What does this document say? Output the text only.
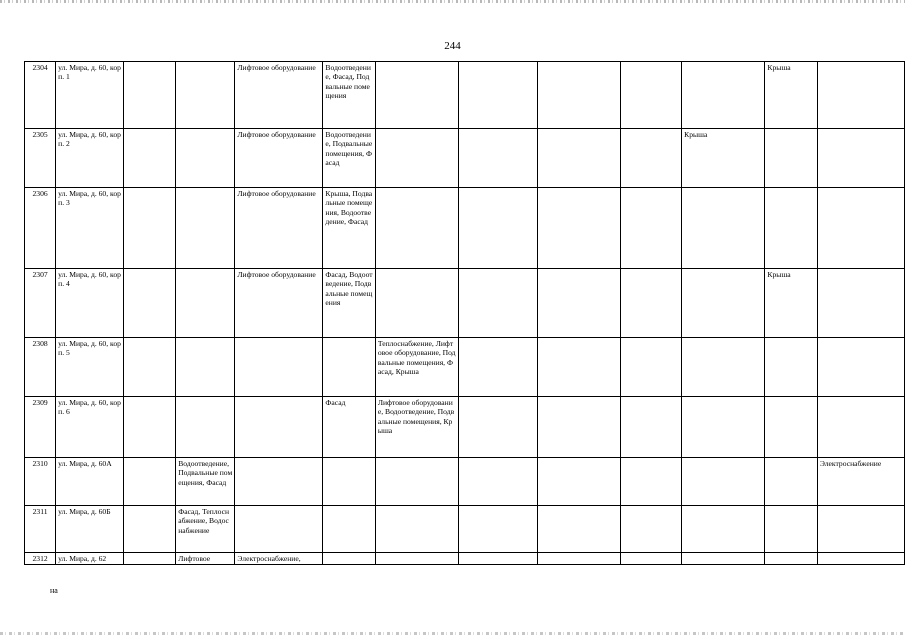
244
2304	ул. Мира, д. 60, корп. 1			Лифтовое оборудование	Водоотведение, Фасад, Подвальные помещения						Крыша	
2305	ул. Мира, д. 60, корп. 2			Лифтовое оборудование	Водоотведение, Подвальные помещения, Фасад					Крыша		
2306	ул. Мира, д. 60, корп. 3			Лифтовое оборудование	Крыша, Подвальные помещения, Водоотведение, Фасад							
2307	ул. Мира, д. 60, корп. 4			Лифтовое оборудование	Фасад, Водоотведение, Подвальные помещения						Крыша	
2308	ул. Мира, д. 60, корп. 5					Теплоснабжение, Лифтовое оборудование, Подвальные помещения, Фасад, Крыша						
2309	ул. Мира, д. 60, корп. 6				Фасад	Лифтовое оборудование, Водоотведение, Подвальные помещения, Крыша						
2310	ул. Мира, д. 60А		Водоотведение, Подвальные помещения, Фасад									Электроснабжение
2311	ул. Мира, д. 60Б		Фасад, Теплоснабжение, Водоснабжение									
2312	ул. Мира, д. 62		Лифтовое	Электроснабжение,								
на
